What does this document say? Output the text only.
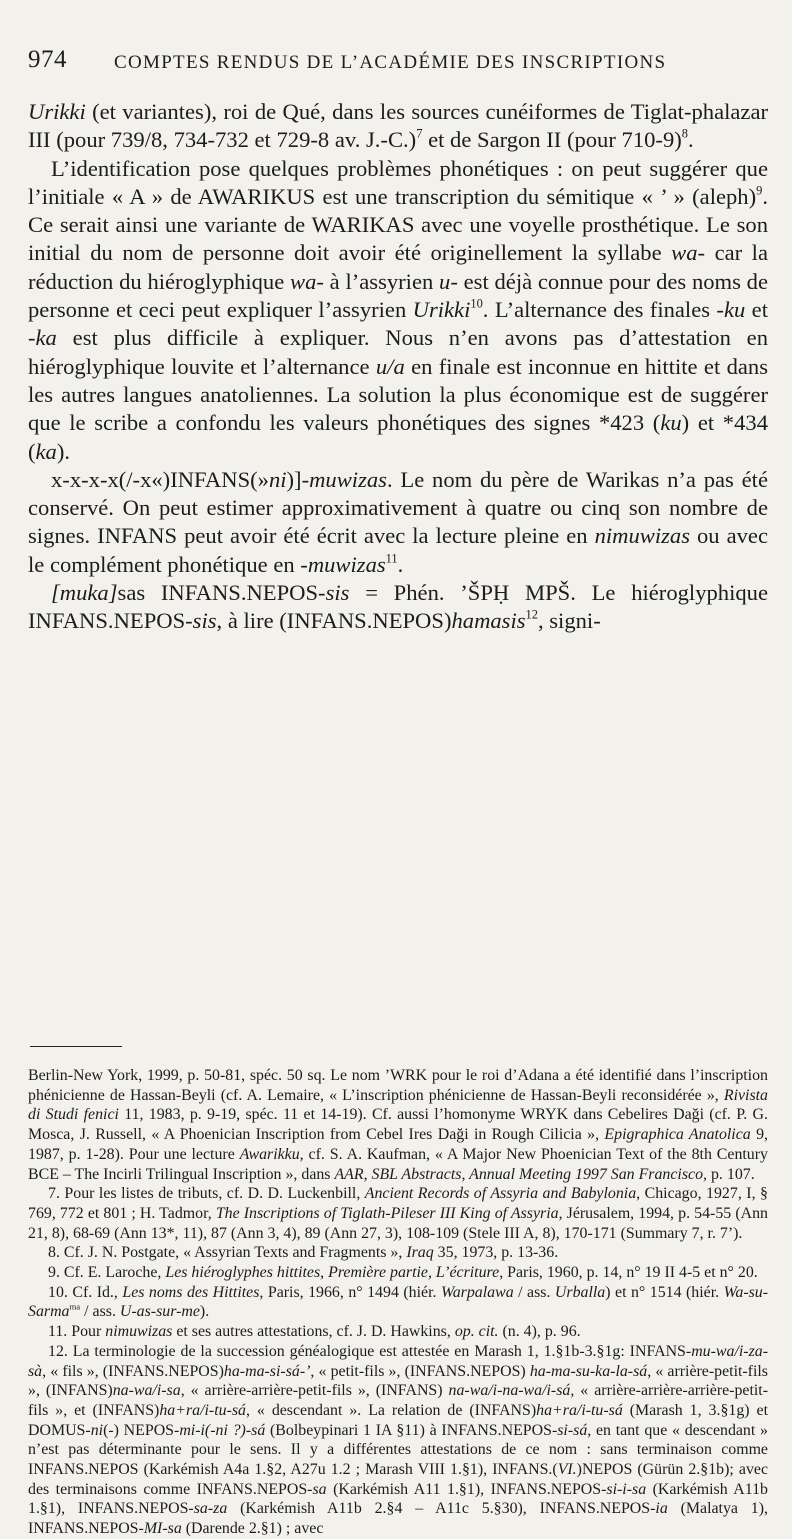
974 COMPTES RENDUS DE L’ACADÉMIE DES INSCRIPTIONS

Urikki (et variantes), roi de Qué, dans les sources cunéiformes de Tiglat-phalazar III (pour 739/8, 734-732 et 729-8 av. J.-C.)$^7$ et de Sargon II (pour 710-9)$^8$.

L’identification pose quelques problèmes phonétiques : on peut suggérer que l’initiale « A » de AWARIKUS est une transcription du sémitique « ’ » (aleph)$^9$. Ce serait ainsi une variante de WARIKAS avec une voyelle prosthétique. Le son initial du nom de personne doit avoir été originellement la syllabe wa- car la réduction du hiéroglyphique wa- à l’assyrien u- est déjà connue pour des noms de personne et ceci peut expliquer l’assyrien Urikki$^{10}$. L’alternance des finales -ku et -ka est plus difficile à expliquer. Nous n’en avons pas d’attestation en hiéroglyphique louvite et l’alternance u/a en finale est inconnue en hittite et dans les autres langues anatoliennes. La solution la plus économique est de suggérer que le scribe a confondu les valeurs phonétiques des signes *423 (ku) et *434 (ka).

x-x-x-x(/-x«)INFANS(»ni)]-muwizas. Le nom du père de Warikas n’a pas été conservé. On peut estimer approximativement à quatre ou cinq son nombre de signes. INFANS peut avoir été écrit avec la lecture pleine en nimuwizas ou avec le complément phonétique en -muwizas$^{11}$.

[muka]sas INFANS.NEPOS-sis = Phén. ’ŠPḤ MPŠ. Le hiéroglyphique INFANS.NEPOS-sis, à lire (INFANS.NEPOS)hamasis$^{12}$, signi-

Berlin-New York, 1999, p. 50-81, spéc. 50 sq. Le nom ’WRK pour le roi d’Adana a été identifié dans l’inscription phénicienne de Hassan-Beyli (cf. A. Lemaire, « L’inscription phénicienne de Hassan-Beyli reconsidérée », Rivista di Studi fenici 11, 1983, p. 9-19, spéc. 11 et 14-19). Cf. aussi l’homonyme WRYK dans Cebelires Daği (cf. P. G. Mosca, J. Russell, « A Phoenician Inscription from Cebel Ires Daği in Rough Cilicia », Epigraphica Anatolica 9, 1987, p. 1-28). Pour une lecture Awarikku, cf. S. A. Kaufman, « A Major New Phoenician Text of the 8th Century BCE – The Incirli Trilingual Inscription », dans AAR, SBL Abstracts, Annual Meeting 1997 San Francisco, p. 107.

7. Pour les listes de tributs, cf. D. D. Luckenbill, Ancient Records of Assyria and Babylonia, Chicago, 1927, I, § 769, 772 et 801 ; H. Tadmor, The Inscriptions of Tiglath-Pileser III King of Assyria, Jérusalem, 1994, p. 54-55 (Ann 21, 8), 68-69 (Ann 13*, 11), 87 (Ann 3, 4), 89 (Ann 27, 3), 108-109 (Stele III A, 8), 170-171 (Summary 7, r. 7’).

8. Cf. J. N. Postgate, « Assyrian Texts and Fragments », Iraq 35, 1973, p. 13-36.

9. Cf. E. Laroche, Les hiéroglyphes hittites, Première partie, L’écriture, Paris, 1960, p. 14, n° 19 II 4-5 et n° 20.

10. Cf. Id., Les noms des Hittites, Paris, 1966, n° 1494 (hiér. Warpalawa / ass. Urballa) et n° 1514 (hiér. Wa-su-Sarma$^{ma}$ / ass. U-as-sur-me).

11. Pour nimuwizas et ses autres attestations, cf. J. D. Hawkins, op. cit. (n. 4), p. 96.

12. La terminologie de la succession généalogique est attestée en Marash 1, 1.§1b-3.§1g: INFANS-mu-wa/i-za-sà, « fils », (INFANS.NEPOS)ha-ma-si-sá-’, « petit-fils », (INFANS.NEPOS) ha-ma-su-ka-la-sá, « arrière-petit-fils », (INFANS)na-wa/i-sa, « arrière-arrière-petit-fils », (INFANS) na-wa/i-na-wa/i-sá, « arrière-arrière-arrière-petit-fils », et (INFANS)ha+ra/i-tu-sá, « descendant ». La relation de (INFANS)ha+ra/i-tu-sá (Marash 1, 3.§1g) et DOMUS-ni(-) NEPOS-mi-i(-ni ?)-sá (Bolbeypinari 1 IA §11) à INFANS.NEPOS-si-sá, en tant que « descendant » n’est pas déterminante pour le sens. Il y a différentes attestations de ce nom : sans terminaison comme INFANS.NEPOS (Karkémish A4a 1.§2, A27u 1.2 ; Marash VIII 1.§1), INFANS.(VI.)NEPOS (Gürün 2.§1b); avec des terminaisons comme INFANS.NEPOS-sa (Karkémish A11 1.§1), INFANS.NEPOS-si-i-sa (Karkémish A11b 1.§1), INFANS.NEPOS-sa-za (Karkémish A11b 2.§4 – A11c 5.§30), INFANS.NEPOS-ia (Malatya 1), INFANS.NEPOS-MI-sa (Darende 2.§1) ; avec
